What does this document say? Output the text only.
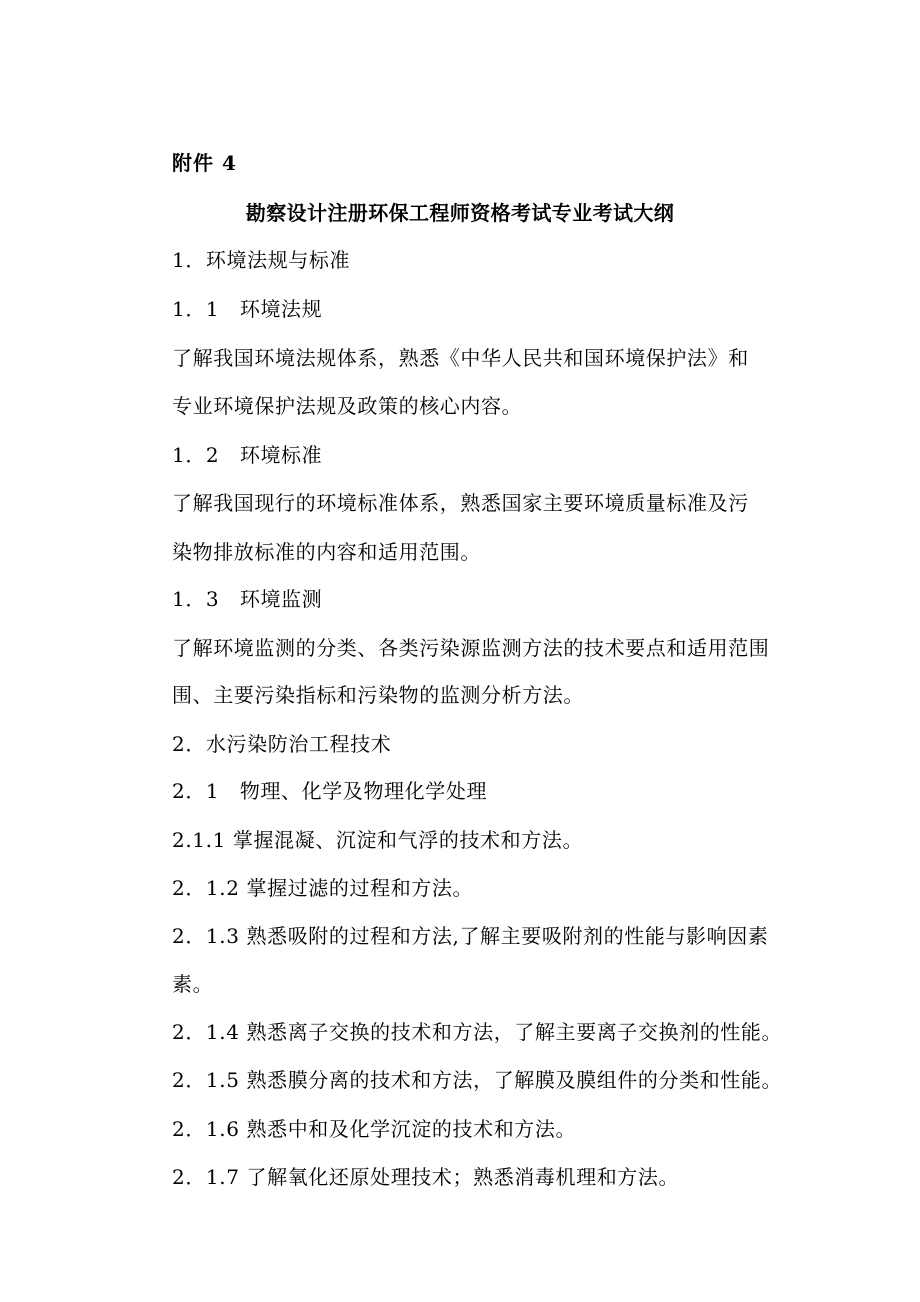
附件 4
勘察设计注册环保工程师资格考试专业考试大纲
1．环境法规与标准
1．1　环境法规
了解我国环境法规体系，熟悉《中华人民共和国环境保护法》和
专业环境保护法规及政策的核心内容。
1．2　环境标准
了解我国现行的环境标准体系，熟悉国家主要环境质量标准及污
染物排放标准的内容和适用范围。
1．3　环境监测
了解环境监测的分类、各类污染源监测方法的技术要点和适用范围
围、主要污染指标和污染物的监测分析方法。
2．水污染防治工程技术
2．1　物理、化学及物理化学处理
2.1.1 掌握混凝、沉淀和气浮的技术和方法。
2．1.2 掌握过滤的过程和方法。
2．1.3 熟悉吸附的过程和方法,了解主要吸附剂的性能与影响因素
素。
2．1.4 熟悉离子交换的技术和方法，了解主要离子交换剂的性能。
2．1.5 熟悉膜分离的技术和方法，了解膜及膜组件的分类和性能。
2．1.6 熟悉中和及化学沉淀的技术和方法。
2．1.7 了解氧化还原处理技术；熟悉消毒机理和方法。
